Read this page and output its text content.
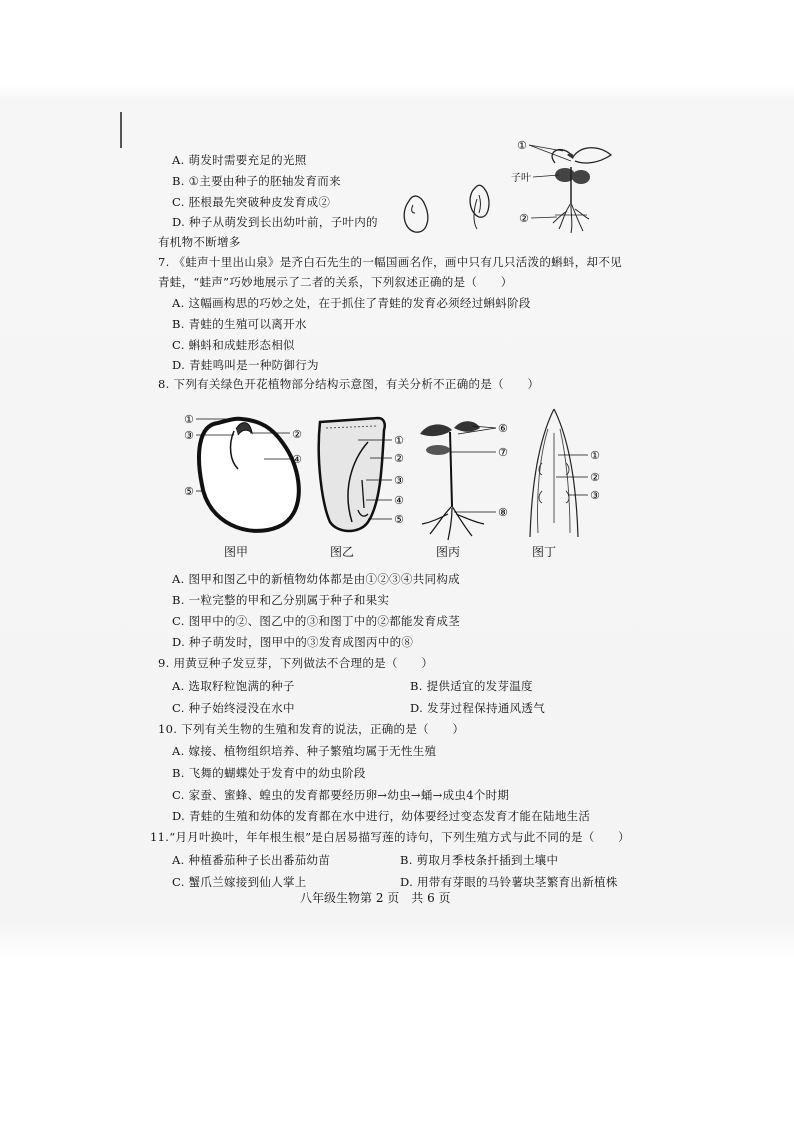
A. 萌发时需要充足的光照
B. ①主要由种子的胚轴发育而来
C. 胚根最先突破种皮发育成②
D. 种子从萌发到长出幼叶前，子叶内的
有机物不断增多
①
子叶
②
7. 《蛙声十里出山泉》是齐白石先生的一幅国画名作，画中只有几只活泼的蝌蚪，却不见
青蛙，“蛙声”巧妙地展示了二者的关系，下列叙述正确的是（　　）
A. 这幅画构思的巧妙之处，在于抓住了青蛙的发育必须经过蝌蚪阶段
B. 青蛙的生殖可以离开水
C. 蝌蚪和成蛙形态相似
D. 青蛙鸣叫是一种防御行为
8. 下列有关绿色开花植物部分结构示意图，有关分析不正确的是（　　）
①
③	②
④
⑤
①
②
③
④
⑤
⑥
⑦
⑧
①
②
③
图甲	图乙	图丙	图丁
A. 图甲和图乙中的新植物幼体都是由①②③④共同构成
B. 一粒完整的甲和乙分别属于种子和果实
C. 图甲中的②、图乙中的③和图丁中的②都能发育成茎
D. 种子萌发时，图甲中的③发育成图丙中的⑧
9. 用黄豆种子发豆芽，下列做法不合理的是（　　）
A. 选取籽粒饱满的种子	B. 提供适宜的发芽温度
C. 种子始终浸没在水中	D. 发芽过程保持通风透气
10. 下列有关生物的生殖和发育的说法，正确的是（　　）
A. 嫁接、植物组织培养、种子繁殖均属于无性生殖
B. 飞舞的蝴蝶处于发育中的幼虫阶段
C. 家蚕、蜜蜂、蝗虫的发育都要经历卵→幼虫→蛹→成虫4个时期
D. 青蛙的生殖和幼体的发育都在水中进行，幼体要经过变态发育才能在陆地生活
11.“月月叶换叶，年年根生根”是白居易描写莲的诗句，下列生殖方式与此不同的是（　　）
A. 种植番茄种子长出番茄幼苗	B. 剪取月季枝条扦插到土壤中
C. 蟹爪兰嫁接到仙人掌上	D. 用带有芽眼的马铃薯块茎繁育出新植株
八年级生物第 2 页　共 6 页
